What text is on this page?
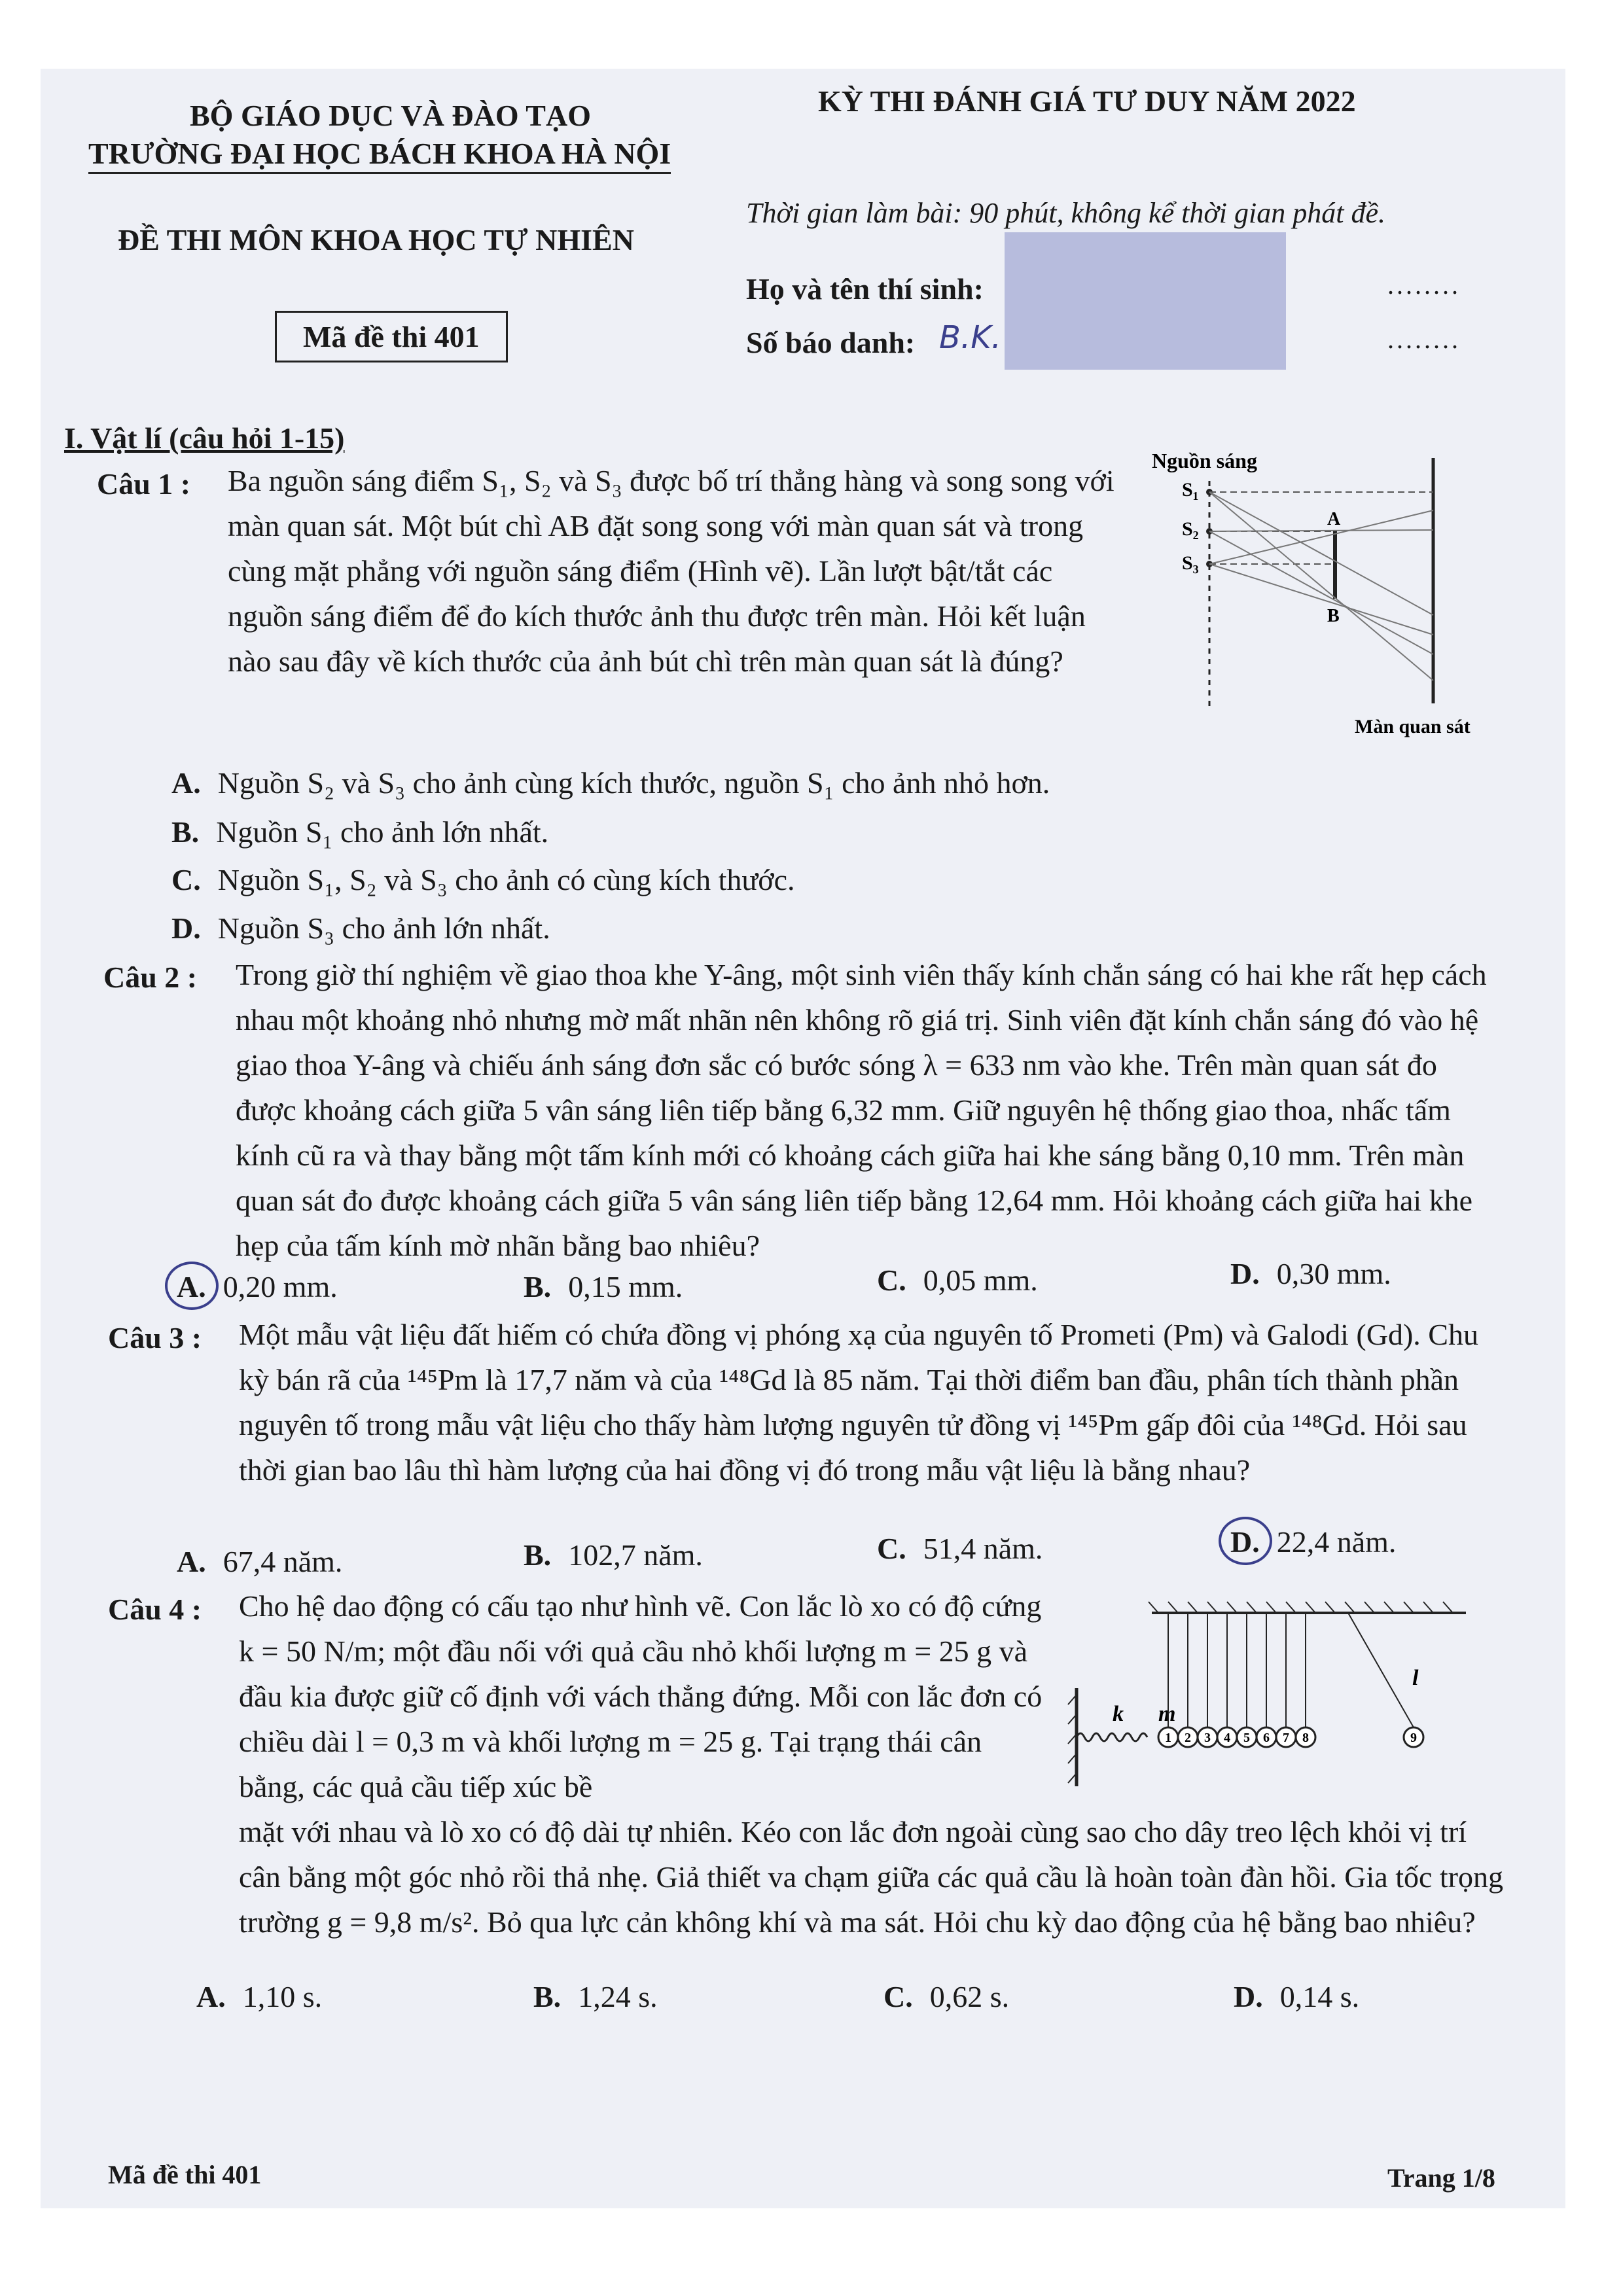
BỘ GIÁO DỤC VÀ ĐÀO TẠO
TRƯỜNG ĐẠI HỌC BÁCH KHOA HÀ NỘI
KỲ THI ĐÁNH GIÁ TƯ DUY NĂM 2022
ĐỀ THI MÔN KHOA HỌC TỰ NHIÊN
Thời gian làm bài: 90 phút, không kể thời gian phát đề.
Họ và tên thí sinh:
Số báo danh: B.K.
........
........
Mã đề thi 401
I. Vật lí (câu hỏi 1-15)
Câu 1 : Ba nguồn sáng điểm S₁, S₂ và S₃ được bố trí thẳng hàng và song song với màn quan sát. Một bút chì AB đặt song song với màn quan sát và trong cùng mặt phẳng với nguồn sáng điểm (Hình vẽ). Lần lượt bật/tắt các nguồn sáng điểm để đo kích thước ảnh thu được trên màn. Hỏi kết luận nào sau đây về kích thước của ảnh bút chì trên màn quan sát là đúng?
Nguồn sáng
S₁
S₂
S₃
A
B
Màn quan sát
A. Nguồn S₂ và S₃ cho ảnh cùng kích thước, nguồn S₁ cho ảnh nhỏ hơn.
B. Nguồn S₁ cho ảnh lớn nhất.
C. Nguồn S₁, S₂ và S₃ cho ảnh có cùng kích thước.
D. Nguồn S₃ cho ảnh lớn nhất.
Câu 2 : Trong giờ thí nghiệm về giao thoa khe Y-âng, một sinh viên thấy kính chắn sáng có hai khe rất hẹp cách nhau một khoảng nhỏ nhưng mờ mất nhãn nên không rõ giá trị. Sinh viên đặt kính chắn sáng đó vào hệ giao thoa Y-âng và chiếu ánh sáng đơn sắc có bước sóng λ = 633 nm vào khe. Trên màn quan sát đo được khoảng cách giữa 5 vân sáng liên tiếp bằng 6,32 mm. Giữ nguyên hệ thống giao thoa, nhấc tấm kính cũ ra và thay bằng một tấm kính mới có khoảng cách giữa hai khe sáng bằng 0,10 mm. Trên màn quan sát đo được khoảng cách giữa 5 vân sáng liên tiếp bằng 12,64 mm. Hỏi khoảng cách giữa hai khe hẹp của tấm kính mờ nhãn bằng bao nhiêu?
A. 0,20 mm.	B. 0,15 mm.	C. 0,05 mm.	D. 0,30 mm.
Câu 3 : Một mẫu vật liệu đất hiếm có chứa đồng vị phóng xạ của nguyên tố Prometi (Pm) và Galodi (Gd). Chu kỳ bán rã của ¹⁴⁵Pm là 17,7 năm và của ¹⁴⁸Gd là 85 năm. Tại thời điểm ban đầu, phân tích thành phần nguyên tố trong mẫu vật liệu cho thấy hàm lượng nguyên tử đồng vị ¹⁴⁵Pm gấp đôi của ¹⁴⁸Gd. Hỏi sau thời gian bao lâu thì hàm lượng của hai đồng vị đó trong mẫu vật liệu là bằng nhau?
A. 67,4 năm.	B. 102,7 năm.	C. 51,4 năm.	D. 22,4 năm.
Câu 4 : Cho hệ dao động có cấu tạo như hình vẽ. Con lắc lò xo có độ cứng k = 50 N/m; một đầu nối với quả cầu nhỏ khối lượng m = 25 g và đầu kia được giữ cố định với vách thẳng đứng. Mỗi con lắc đơn có chiều dài l = 0,3 m và khối lượng m = 25 g. Tại trạng thái cân bằng, các quả cầu tiếp xúc bề
k m
l
1 2 3 4 5 6 7 8	9
mặt với nhau và lò xo có độ dài tự nhiên. Kéo con lắc đơn ngoài cùng sao cho dây treo lệch khỏi vị trí cân bằng một góc nhỏ rồi thả nhẹ. Giả thiết va chạm giữa các quả cầu là hoàn toàn đàn hồi. Gia tốc trọng trường g = 9,8 m/s². Bỏ qua lực cản không khí và ma sát. Hỏi chu kỳ dao động của hệ bằng bao nhiêu?
A. 1,10 s.	B. 1,24 s.	C. 0,62 s.	D. 0,14 s.
Mã đề thi 401	Trang 1/8
